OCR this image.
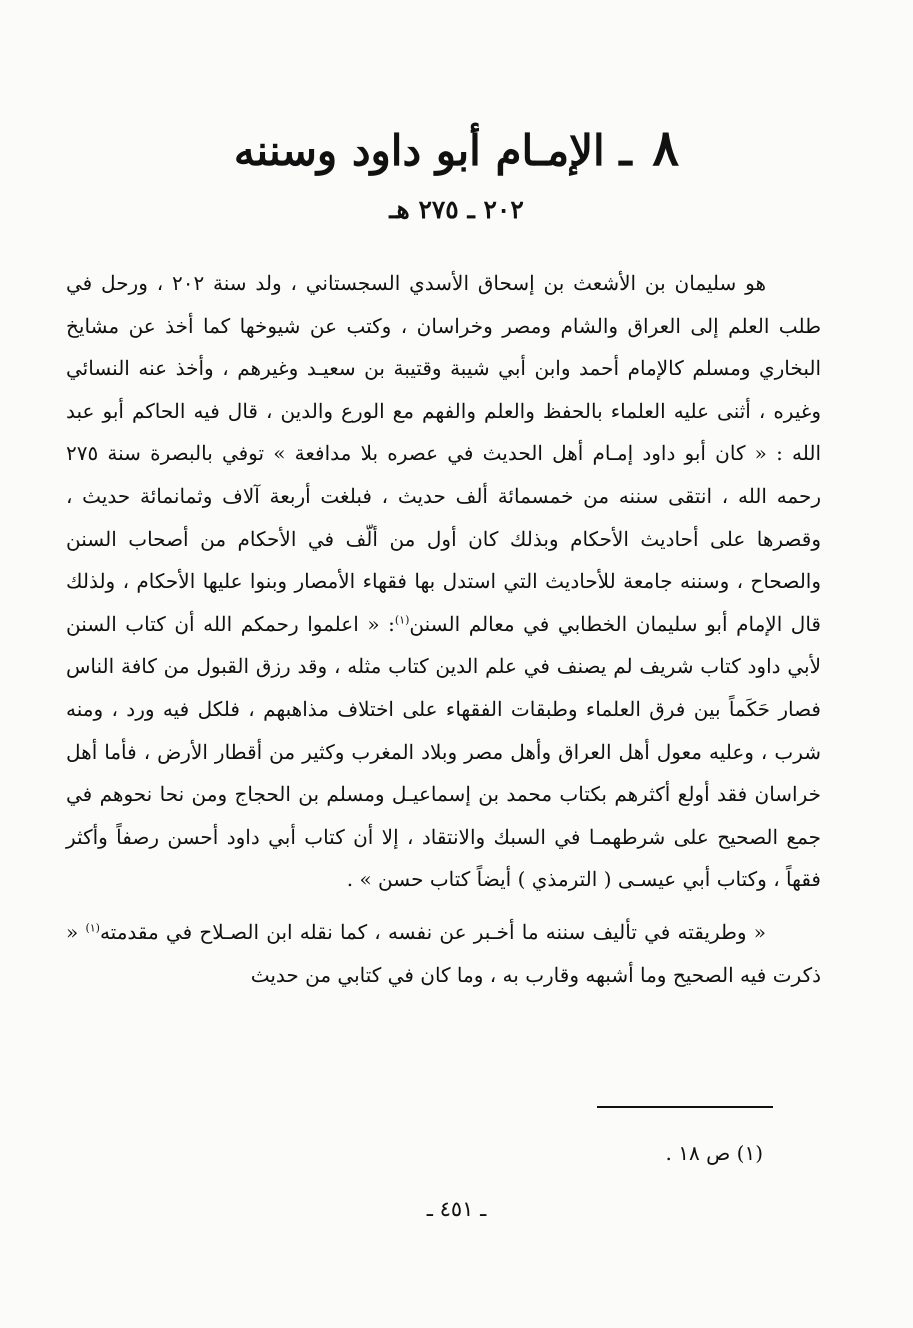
٨ ـ الإمـام أبو داود وسننه
٢٠٢ ـ ٢٧٥ هـ

هو سليمان بن الأشعث بن إسحاق الأسدي السجستاني ، ولد سنة ٢٠٢ ، ورحل في طلب العلم إلى العراق والشام ومصر وخراسان ، وكتب عن شيوخها كما أخذ عن مشايخ البخاري ومسلم كالإمام أحمد وابن أبي شيبة وقتيبة بن سعيـد وغيرهم ، وأخذ عنه النسائي وغيره ، أثنى عليه العلماء بالحفظ والعلم والفهم مع الورع والدين ، قال فيه الحاكم أبو عبد الله : « كان أبو داود إمـام أهل الحديث في عصره بلا مدافعة » توفي بالبصرة سنة ٢٧٥ رحمه الله ، انتقى سننه من خمسمائة ألف حديث ، فبلغت أربعة آلاف وثمانمائة حديث ، وقصرها على أحاديث الأحكام وبذلك كان أول من ألّف في الأحكام من أصحاب السنن والصحاح ، وسننه جامعة للأحاديث التي استدل بها فقهاء الأمصار وبنوا عليها الأحكام ، ولذلك قال الإمام أبو سليمان الخطابي في معالم السنن$^{(١)}$: « اعلموا رحمكم الله أن كتاب السنن لأبي داود كتاب شريف لم يصنف في علم الدين كتاب مثله ، وقد رزق القبول من كافة الناس فصار حَكَماً بين فرق العلماء وطبقات الفقهاء على اختلاف مذاهبهم ، فلكل فيه ورد ، ومنه شرب ، وعليه معول أهل العراق وأهل مصر وبلاد المغرب وكثير من أقطار الأرض ، فأما أهل خراسان فقد أولع أكثرهم بكتاب محمد بن إسماعيـل ومسلم بن الحجاج ومن نحا نحوهم في جمع الصحيح على شرطهمـا في السبك والانتقاد ، إلا أن كتاب أبي داود أحسن رصفاً وأكثر فقهاً ، وكتاب أبي عيسـى ( الترمذي ) أيضاً كتاب حسن » .

« وطريقته في تأليف سننه ما أخـبر عن نفسه ، كما نقله ابن الصـلاح في مقدمته$^{(١)}$ « ذكرت فيه الصحيح وما أشبهه وقارب به ، وما كان في كتابي من حديث

(١) ص ١٨ .
ـ ٤٥١ ـ
